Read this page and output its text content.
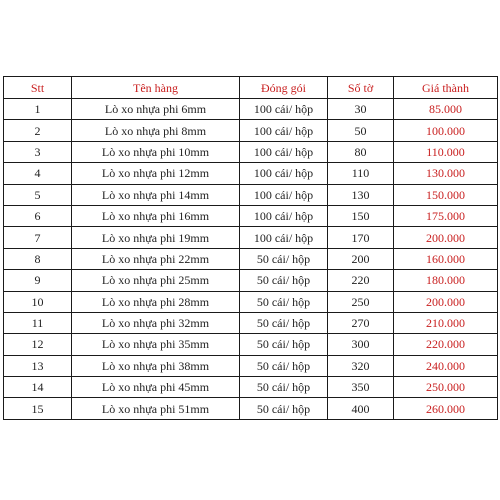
Stt	Tên hàng	Đóng gói	Số tờ	Giá thành
1	Lò xo nhựa phi 6mm	100 cái/ hộp	30	85.000
2	Lò xo nhựa phi 8mm	100 cái/ hộp	50	100.000
3	Lò xo nhựa phi 10mm	100 cái/ hộp	80	110.000
4	Lò xo nhựa phi 12mm	100 cái/ hộp	110	130.000
5	Lò xo nhựa phi 14mm	100 cái/ hộp	130	150.000
6	Lò xo nhựa phi 16mm	100 cái/ hộp	150	175.000
7	Lò xo nhựa phi 19mm	100 cái/ hộp	170	200.000
8	Lò xo nhựa phi 22mm	50 cái/ hộp	200	160.000
9	Lò xo nhựa phi 25mm	50 cái/ hộp	220	180.000
10	Lò xo nhựa phi 28mm	50 cái/ hộp	250	200.000
11	Lò xo nhựa phi 32mm	50 cái/ hộp	270	210.000
12	Lò xo nhựa phi 35mm	50 cái/ hộp	300	220.000
13	Lò xo nhựa phi 38mm	50 cái/ hộp	320	240.000
14	Lò xo nhựa phi 45mm	50 cái/ hộp	350	250.000
15	Lò xo nhựa phi 51mm	50 cái/ hộp	400	260.000
